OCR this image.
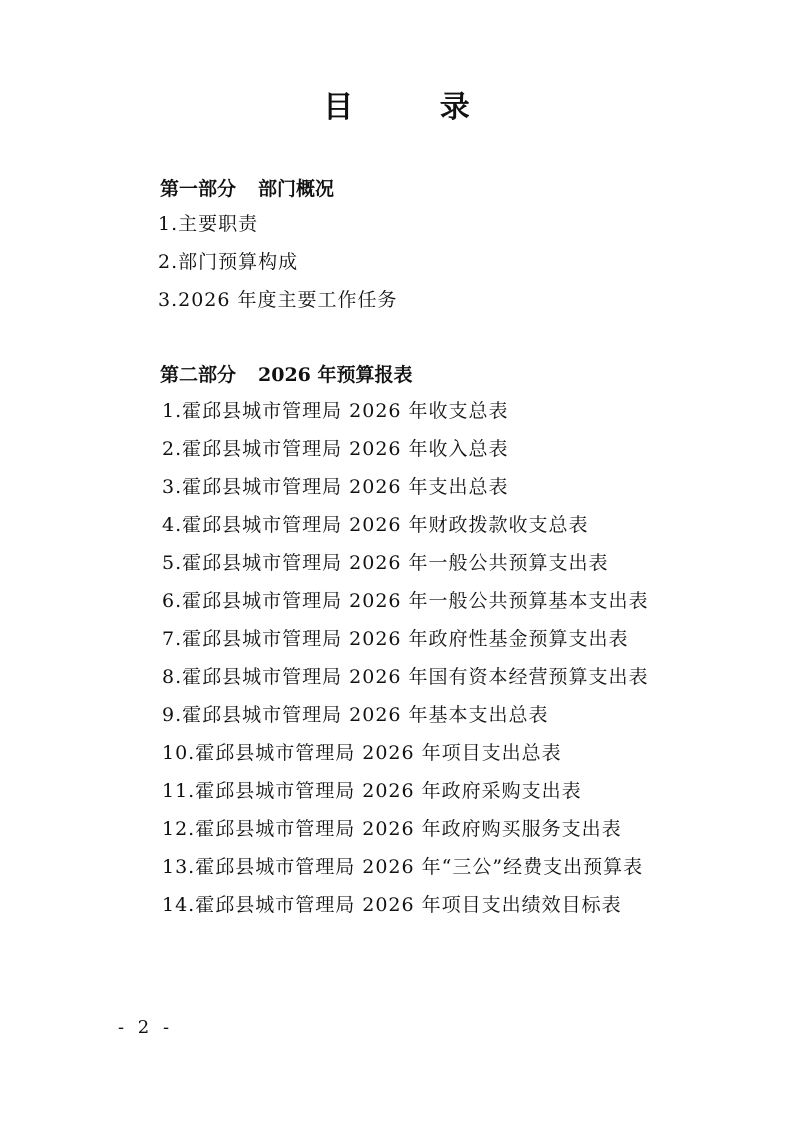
目 录
第一部分 部门概况
1.主要职责
2.部门预算构成
3.2026 年度主要工作任务
第二部分 2026 年预算报表
1.霍邱县城市管理局 2026 年收支总表
2.霍邱县城市管理局 2026 年收入总表
3.霍邱县城市管理局 2026 年支出总表
4.霍邱县城市管理局 2026 年财政拨款收支总表
5.霍邱县城市管理局 2026 年一般公共预算支出表
6.霍邱县城市管理局 2026 年一般公共预算基本支出表
7.霍邱县城市管理局 2026 年政府性基金预算支出表
8.霍邱县城市管理局 2026 年国有资本经营预算支出表
9.霍邱县城市管理局 2026 年基本支出总表
10.霍邱县城市管理局 2026 年项目支出总表
11.霍邱县城市管理局 2026 年政府采购支出表
12.霍邱县城市管理局 2026 年政府购买服务支出表
13.霍邱县城市管理局 2026 年“三公”经费支出预算表
14.霍邱县城市管理局 2026 年项目支出绩效目标表
- 2 -
